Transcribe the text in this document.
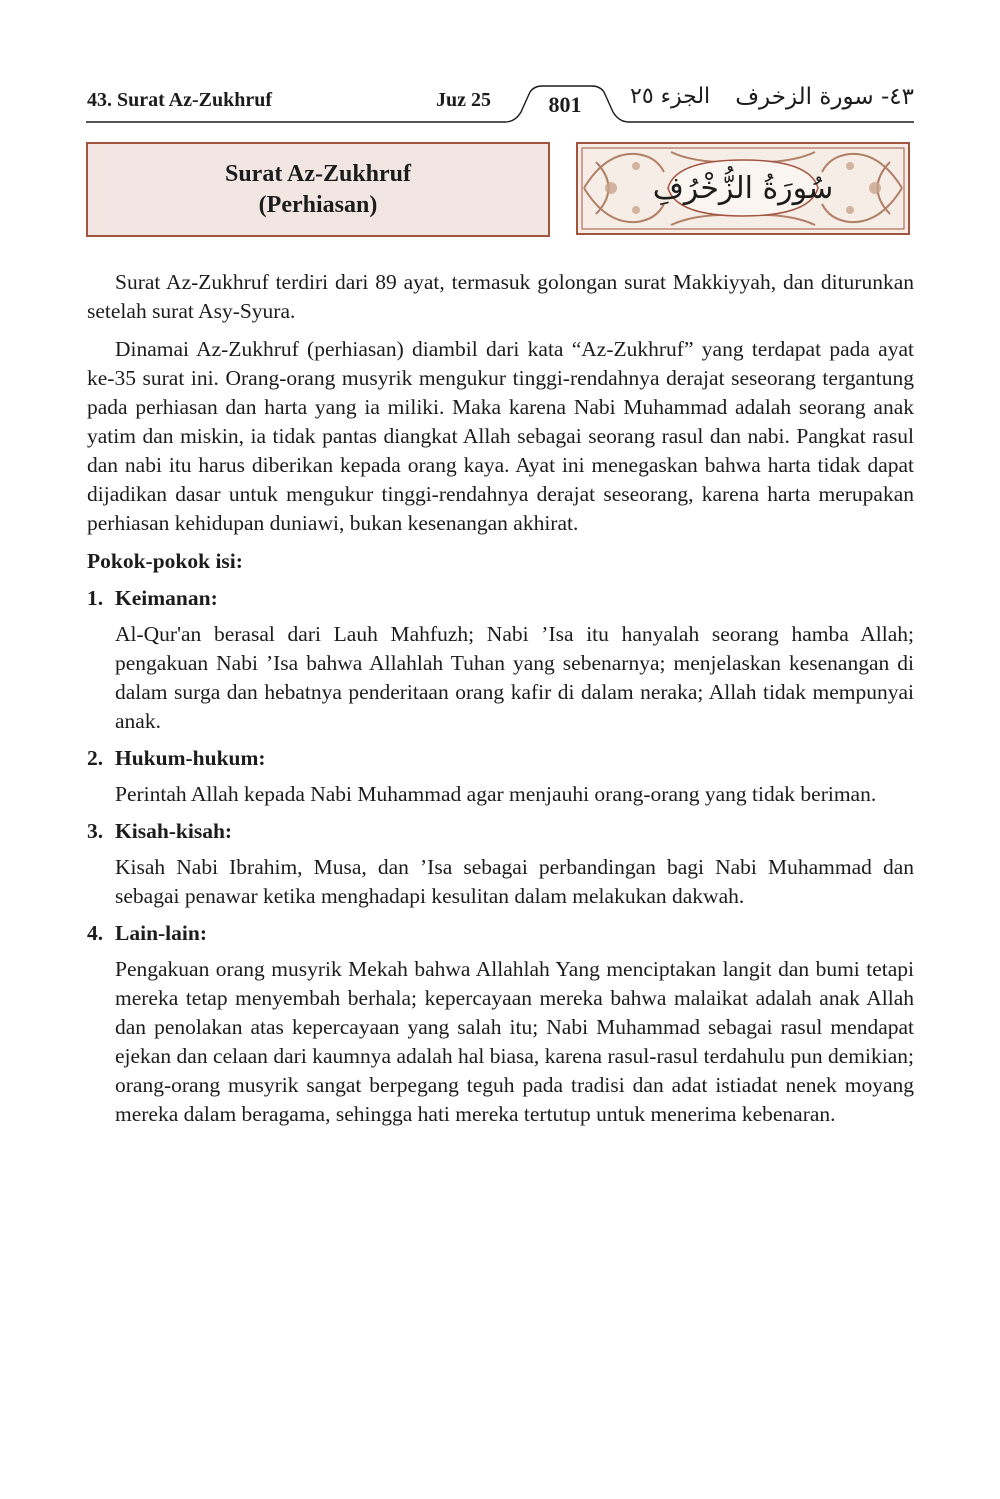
43. Surat Az-Zukhruf	Juz 25	801	الجزء ٢٥ ٤٣- سورة الزخرف
Surat Az-Zukhruf
(Perhiasan)	سُورَةُ الزُّخْرُفِ

Surat Az-Zukhruf terdiri dari 89 ayat, termasuk golongan surat Makkiyyah, dan diturunkan setelah surat Asy-Syura.

Dinamai Az-Zukhruf (perhiasan) diambil dari kata “Az-Zukhruf” yang terdapat pada ayat ke-35 surat ini. Orang-orang musyrik mengukur tinggi-rendahnya derajat seseorang tergantung pada perhiasan dan harta yang ia miliki. Maka karena Nabi Muhammad adalah seorang anak yatim dan miskin, ia tidak pantas diangkat Allah sebagai seorang rasul dan nabi. Pangkat rasul dan nabi itu harus diberikan kepada orang kaya. Ayat ini menegaskan bahwa harta tidak dapat dijadikan dasar untuk mengukur tinggi-rendahnya derajat seseorang, karena harta merupakan perhiasan kehidupan duniawi, bukan kesenangan akhirat.

Pokok-pokok isi:
1. Keimanan:
Al-Qur'an berasal dari Lauh Mahfuzh; Nabi ’Isa itu hanyalah seorang hamba Allah; pengakuan Nabi ’Isa bahwa Allahlah Tuhan yang sebenarnya; menjelaskan kesenangan di dalam surga dan hebatnya penderitaan orang kafir di dalam neraka; Allah tidak mempunyai anak.
2. Hukum-hukum:
Perintah Allah kepada Nabi Muhammad agar menjauhi orang-orang yang tidak beriman.
3. Kisah-kisah:
Kisah Nabi Ibrahim, Musa, dan ’Isa sebagai perbandingan bagi Nabi Muhammad dan sebagai penawar ketika menghadapi kesulitan dalam melakukan dakwah.
4. Lain-lain:
Pengakuan orang musyrik Mekah bahwa Allahlah Yang menciptakan langit dan bumi tetapi mereka tetap menyembah berhala; kepercayaan mereka bahwa malaikat adalah anak Allah dan penolakan atas kepercayaan yang salah itu; Nabi Muhammad sebagai rasul mendapat ejekan dan celaan dari kaumnya adalah hal biasa, karena rasul-rasul terdahulu pun demikian; orang-orang musyrik sangat berpegang teguh pada tradisi dan adat istiadat nenek moyang mereka dalam beragama, sehingga hati mereka tertutup untuk menerima kebenaran.
